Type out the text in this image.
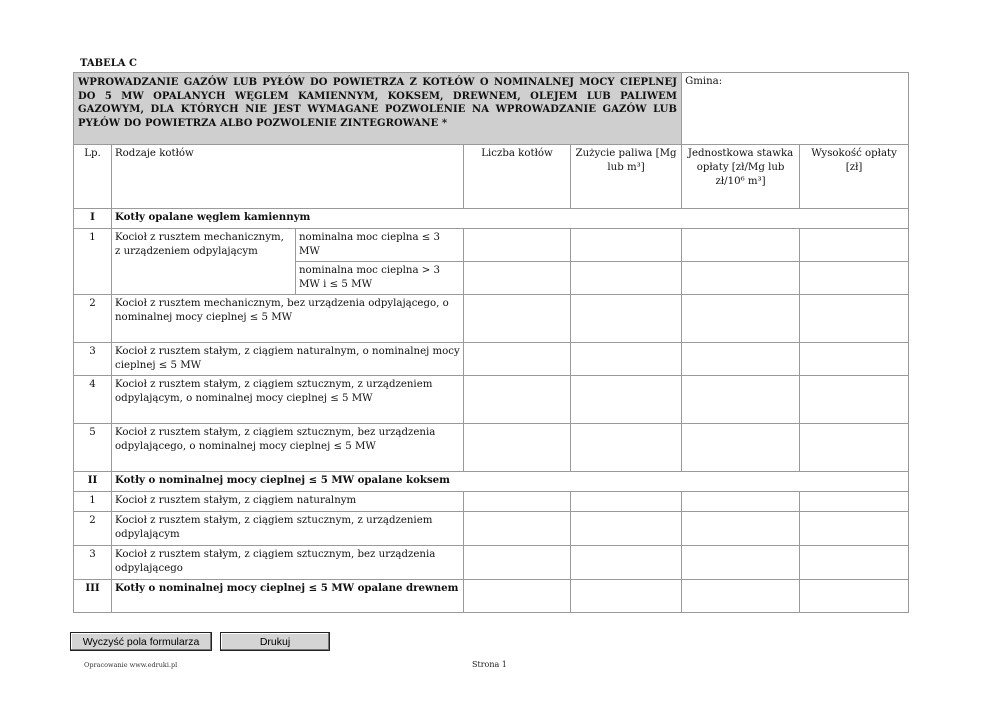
TABELA C
WPROWADZANIE GAZÓW LUB PYŁÓW DO POWIETRZA Z KOTŁÓW O NOMINALNEJ MOCY CIEPLNEJ DO 5 MW OPALANYCH WĘGLEM KAMIENNYM, KOKSEM, DREWNEM, OLEJEM LUB PALIWEM GAZOWYM, DLA KTÓRYCH NIE JEST WYMAGANE POZWOLENIE NA WPROWADZANIE GAZÓW LUB PYŁÓW DO POWIETRZA ALBO POZWOLENIE ZINTEGROWANE *					Gmina:	
Lp.	Rodzaje kotłów		Liczba kotłów	Zużycie paliwa [Mg lub m³]	Jednostkowa stawka opłaty [zł/Mg lub zł/10⁶ m³]	Wysokość opłaty [zł]
I	Kotły opalane węglem kamiennym					
1	Kocioł z rusztem mechanicznym, z urządzeniem odpylającym	nominalna moc cieplna ≤ 3 MW				
		nominalna moc cieplna > 3 MW i ≤ 5 MW				
2	Kocioł z rusztem mechanicznym, bez urządzenia odpylającego, o nominalnej mocy cieplnej ≤ 5 MW					
3	Kocioł z rusztem stałym, z ciągiem naturalnym, o nominalnej mocy cieplnej ≤ 5 MW					
4	Kocioł z rusztem stałym, z ciągiem sztucznym, z urządzeniem odpylającym, o nominalnej mocy cieplnej ≤ 5 MW					
5	Kocioł z rusztem stałym, z ciągiem sztucznym, bez urządzenia odpylającego, o nominalnej mocy cieplnej ≤ 5 MW					
II	Kotły o nominalnej mocy cieplnej ≤ 5 MW opalane koksem					
1	Kocioł z rusztem stałym, z ciągiem naturalnym					
2	Kocioł z rusztem stałym, z ciągiem sztucznym, z urządzeniem odpylającym					
3	Kocioł z rusztem stałym, z ciągiem sztucznym, bez urządzenia odpylającego					
III	Kotły o nominalnej mocy cieplnej ≤ 5 MW opalane drewnem					
Wyczyść pola formularza	Drukuj
Opracowanie www.edruki.pl	Strona 1
